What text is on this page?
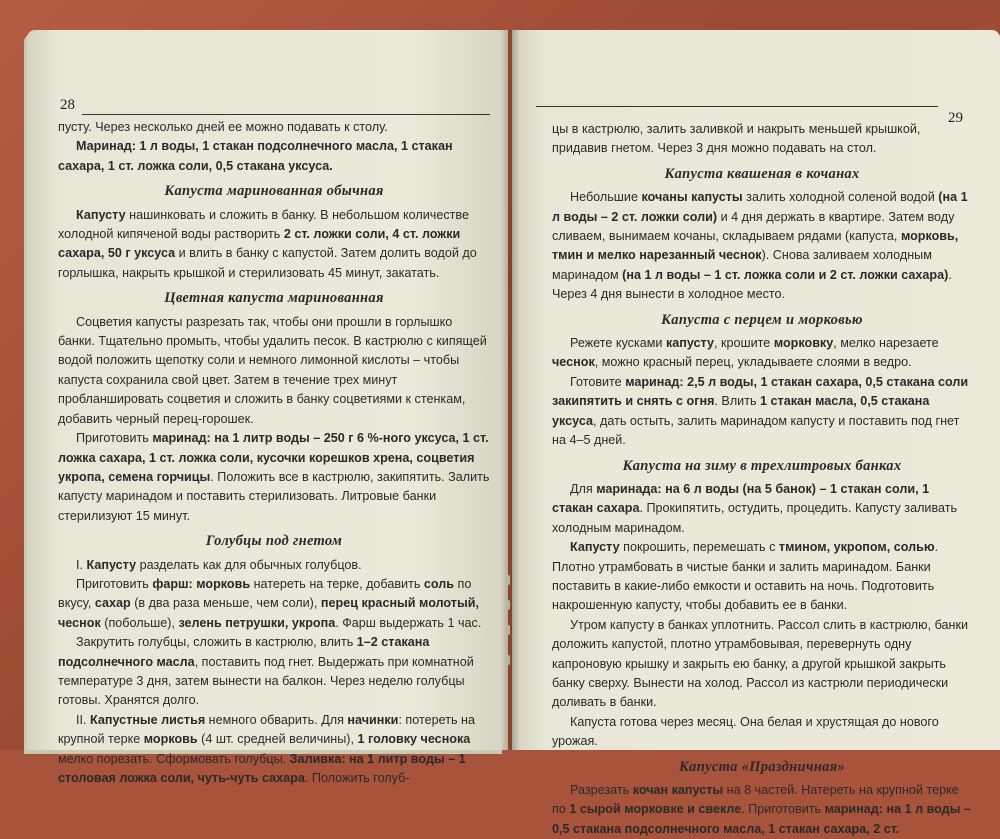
28

пусту. Через несколько дней ее можно подавать к столу.

Маринад: 1 л воды, 1 стакан подсолнечного масла, 1 стакан сахара, 1 ст. ложка соли, 0,5 стакана уксуса.

Капуста маринованная обычная

Капусту нашинковать и сложить в банку. В небольшом количестве холодной кипяченой воды растворить 2 ст. ложки соли, 4 ст. ложки сахара, 50 г уксуса и влить в банку с капустой. Затем долить водой до горлышка, накрыть крышкой и стерилизовать 45 минут, закатать.

Цветная капуста маринованная

Соцветия капусты разрезать так, чтобы они прошли в горлышко банки. Тщательно промыть, чтобы удалить песок. В кастрюлю с кипящей водой положить щепотку соли и немного лимонной кислоты – чтобы капуста сохранила свой цвет. Затем в течение трех минут пробланшировать соцветия и сложить в банку соцветиями к стенкам, добавить черный перец-горошек.

Приготовить маринад: на 1 литр воды – 250 г 6 %-ного уксуса, 1 ст. ложка сахара, 1 ст. ложка соли, кусочки корешков хрена, соцветия укропа, семена горчицы. Положить все в кастрюлю, закипятить. Залить капусту маринадом и поставить стерилизовать. Литровые банки стерилизуют 15 минут.

Голубцы под гнетом

I. Капусту разделать как для обычных голубцов.

Приготовить фарш: морковь натереть на терке, добавить соль по вкусу, сахар (в два раза меньше, чем соли), перец красный молотый, чеснок (побольше), зелень петрушки, укропа. Фарш выдержать 1 час.

Закрутить голубцы, сложить в кастрюлю, влить 1–2 стакана подсолнечного масла, поставить под гнет. Выдержать при комнатной температуре 3 дня, затем вынести на балкон. Через неделю голубцы готовы. Хранятся долго.

II. Капустные листья немного обварить. Для начинки: потереть на крупной терке морковь (4 шт. средней величины), 1 головку чеснока мелко порезать. Сформовать голубцы. Заливка: на 1 литр воды – 1 столовая ложка соли, чуть-чуть сахара. Положить голуб-

29

цы в кастрюлю, залить заливкой и накрыть меньшей крышкой, придавив гнетом. Через 3 дня можно подавать на стол.

Капуста квашеная в кочанах

Небольшие кочаны капусты залить холодной соленой водой (на 1 л воды – 2 ст. ложки соли) и 4 дня держать в квартире. Затем воду сливаем, вынимаем кочаны, складываем рядами (капуста, морковь, тмин и мелко нарезанный чеснок). Снова заливаем холодным маринадом (на 1 л воды – 1 ст. ложка соли и 2 ст. ложки сахара). Через 4 дня вынести в холодное место.

Капуста с перцем и морковью

Режете кусками капусту, крошите морковку, мелко нарезаете чеснок, можно красный перец, укладываете слоями в ведро.

Готовите маринад: 2,5 л воды, 1 стакан сахара, 0,5 стакана соли закипятить и снять с огня. Влить 1 стакан масла, 0,5 стакана уксуса, дать остыть, залить маринадом капусту и поставить под гнет на 4–5 дней.

Капуста на зиму в трехлитровых банках

Для маринада: на 6 л воды (на 5 банок) – 1 стакан соли, 1 стакан сахара. Прокипятить, остудить, процедить. Капусту заливать холодным маринадом.

Капусту покрошить, перемешать с тмином, укропом, солью. Плотно утрамбовать в чистые банки и залить маринадом. Банки поставить в какие-либо емкости и оставить на ночь. Подготовить накрошенную капусту, чтобы добавить ее в банки.

Утром капусту в банках уплотнить. Рассол слить в кастрюлю, банки доложить капустой, плотно утрамбовывая, перевернуть одну капроновую крышку и закрыть ею банку, а другой крышкой закрыть банку сверху. Вынести на холод. Рассол из кастрюли периодически доливать в банки.

Капуста готова через месяц. Она белая и хрустящая до нового урожая.

Капуста «Праздничная»

Разрезать кочан капусты на 8 частей. Натереть на крупной терке по 1 сырой морковке и свекле. Приготовить маринад: на 1 л воды – 0,5 стакана подсолнечного масла, 1 стакан сахара, 2 ст.
